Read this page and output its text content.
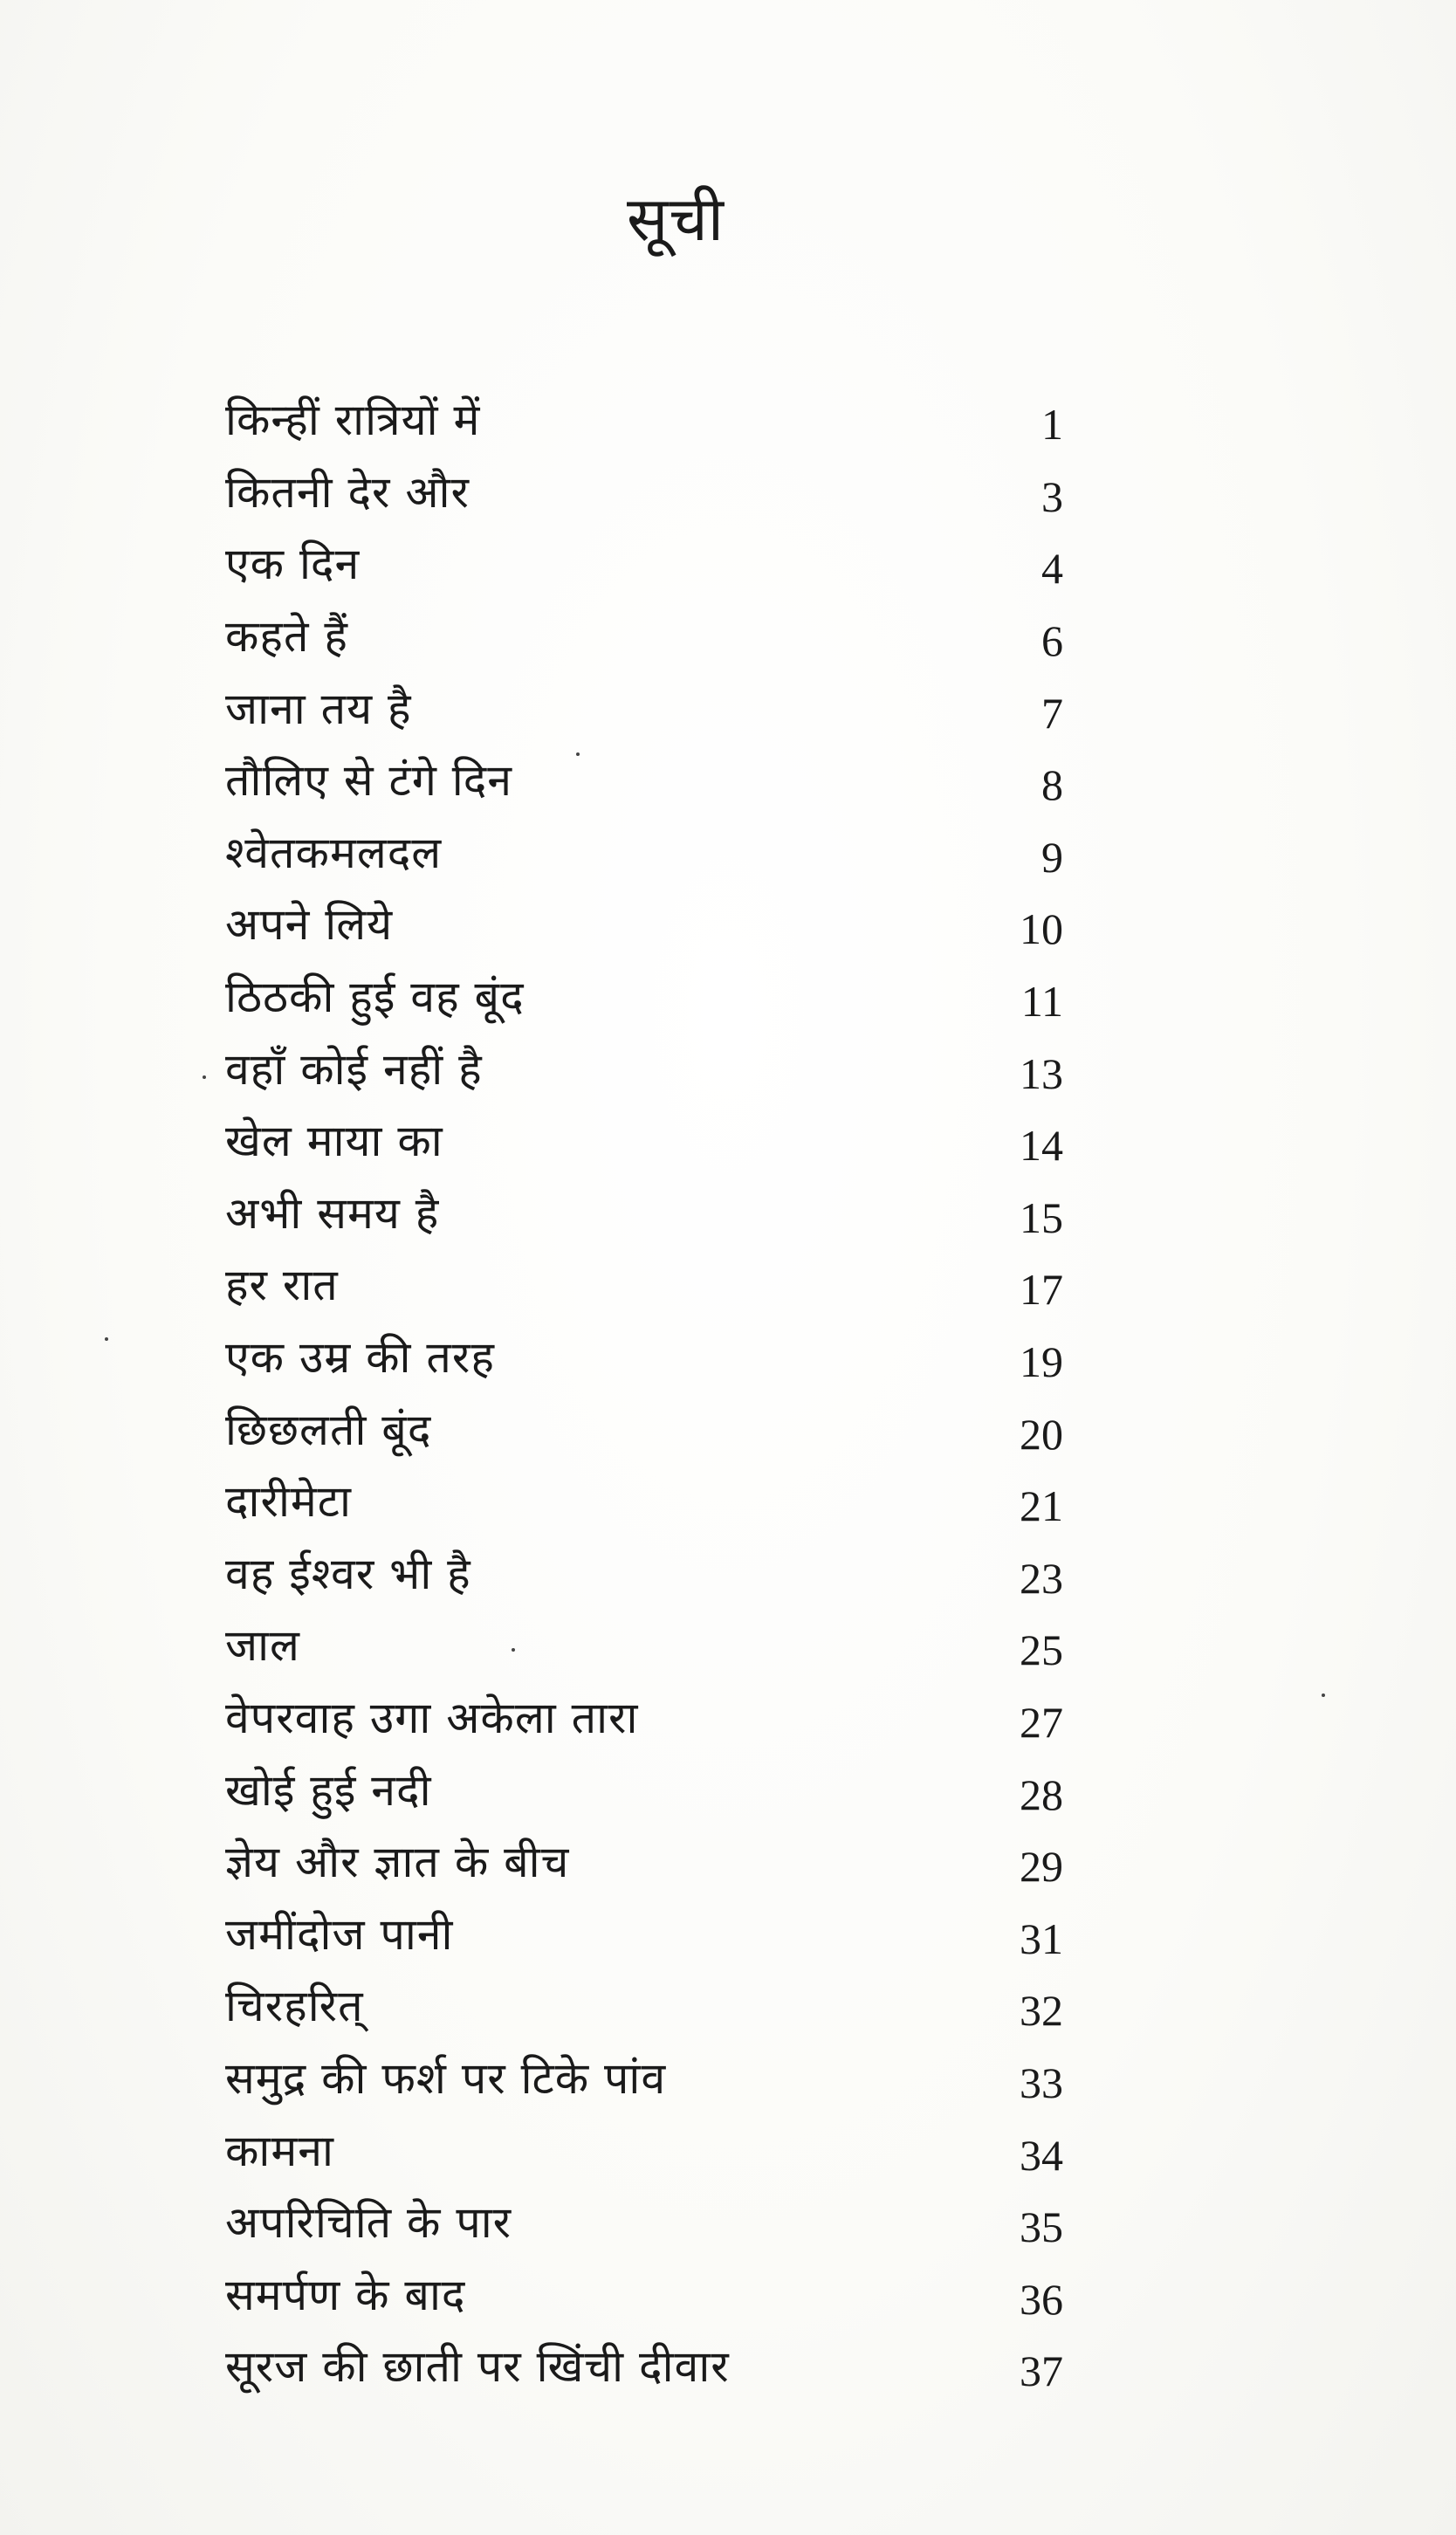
सूची
किन्हीं रात्रियों में	1
कितनी देर और	3
एक दिन	4
कहते हैं	6
जाना तय है	7
तौलिए से टंगे दिन	8
श्वेतकमलदल	9
अपने लिये	10
ठिठकी हुई वह बूंद	11
वहाँ कोई नहीं है	13
खेल माया का	14
अभी समय है	15
हर रात	17
एक उम्र की तरह	19
छिछलती बूंद	20
दारीमेटा	21
वह ईश्वर भी है	23
जाल	25
वेपरवाह उगा अकेला तारा	27
खोई हुई नदी	28
ज्ञेय और ज्ञात के बीच	29
जमींदोज पानी	31
चिरहरित्	32
समुद्र की फर्श पर टिके पांव	33
कामना	34
अपरिचिति के पार	35
समर्पण के बाद	36
सूरज की छाती पर खिंची दीवार	37
